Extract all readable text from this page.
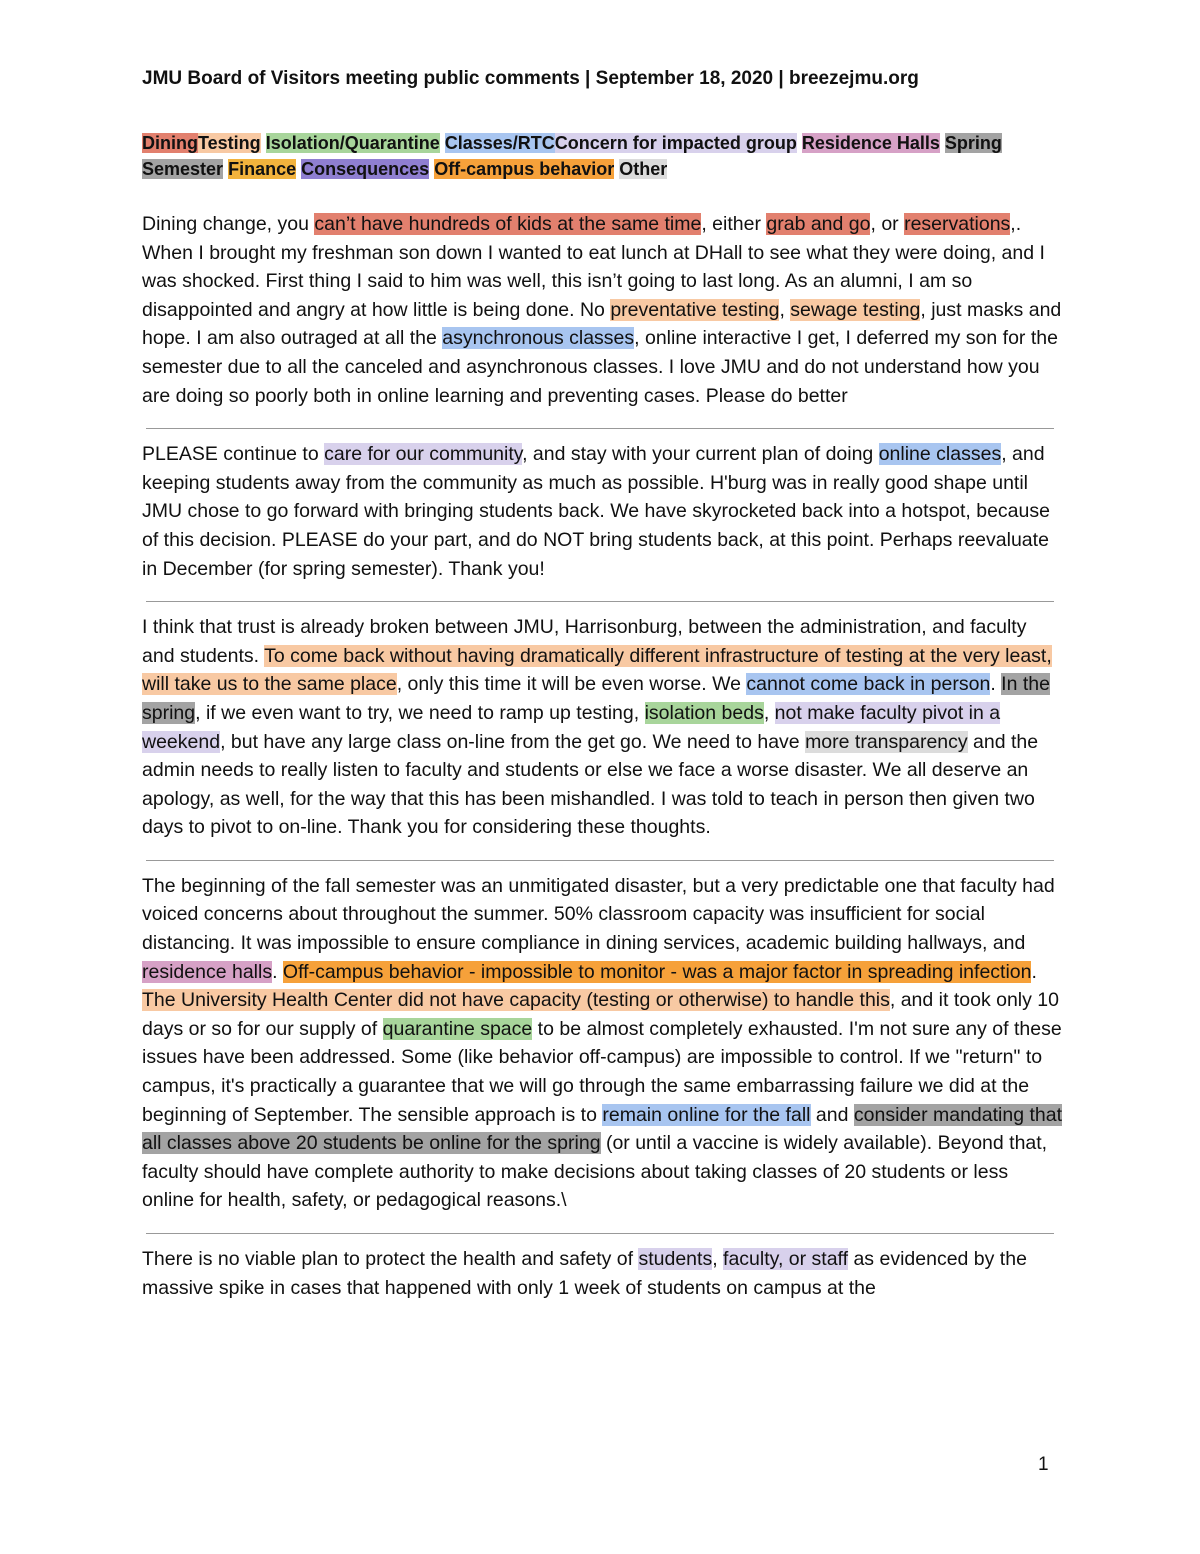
JMU Board of Visitors meeting public comments | September 18, 2020 | breezejmu.org
DiningTesting Isolation/Quarantine Classes/RTCConcern for impacted group Residence Halls Spring Semester Finance Consequences Off-campus behavior Other

Dining change, you can’t have hundreds of kids at the same time, either grab and go, or reservations,. When I brought my freshman son down I wanted to eat lunch at DHall to see what they were doing, and I was shocked. First thing I said to him was well, this isn’t going to last long. As an alumni, I am so disappointed and angry at how little is being done. No preventative testing, sewage testing, just masks and hope. I am also outraged at all the asynchronous classes, online interactive I get, I deferred my son for the semester due to all the canceled and asynchronous classes. I love JMU and do not understand how you are doing so poorly both in online learning and preventing cases. Please do better

PLEASE continue to care for our community, and stay with your current plan of doing online classes, and keeping students away from the community as much as possible. H'burg was in really good shape until JMU chose to go forward with bringing students back. We have skyrocketed back into a hotspot, because of this decision. PLEASE do your part, and do NOT bring students back, at this point. Perhaps reevaluate in December (for spring semester). Thank you!

I think that trust is already broken between JMU, Harrisonburg, between the administration, and faculty and students. To come back without having dramatically different infrastructure of testing at the very least, will take us to the same place, only this time it will be even worse. We cannot come back in person. In the spring, if we even want to try, we need to ramp up testing, isolation beds, not make faculty pivot in a weekend, but have any large class on-line from the get go. We need to have more transparency and the admin needs to really listen to faculty and students or else we face a worse disaster. We all deserve an apology, as well, for the way that this has been mishandled. I was told to teach in person then given two days to pivot to on-line. Thank you for considering these thoughts.

The beginning of the fall semester was an unmitigated disaster, but a very predictable one that faculty had voiced concerns about throughout the summer. 50% classroom capacity was insufficient for social distancing. It was impossible to ensure compliance in dining services, academic building hallways, and residence halls. Off-campus behavior - impossible to monitor - was a major factor in spreading infection. The University Health Center did not have capacity (testing or otherwise) to handle this, and it took only 10 days or so for our supply of quarantine space to be almost completely exhausted. I'm not sure any of these issues have been addressed. Some (like behavior off-campus) are impossible to control. If we "return" to campus, it's practically a guarantee that we will go through the same embarrassing failure we did at the beginning of September. The sensible approach is to remain online for the fall and consider mandating that all classes above 20 students be online for the spring (or until a vaccine is widely available). Beyond that, faculty should have complete authority to make decisions about taking classes of 20 students or less online for health, safety, or pedagogical reasons.\

There is no viable plan to protect the health and safety of students, faculty, or staff as evidenced by the massive spike in cases that happened with only 1 week of students on campus at the

1
